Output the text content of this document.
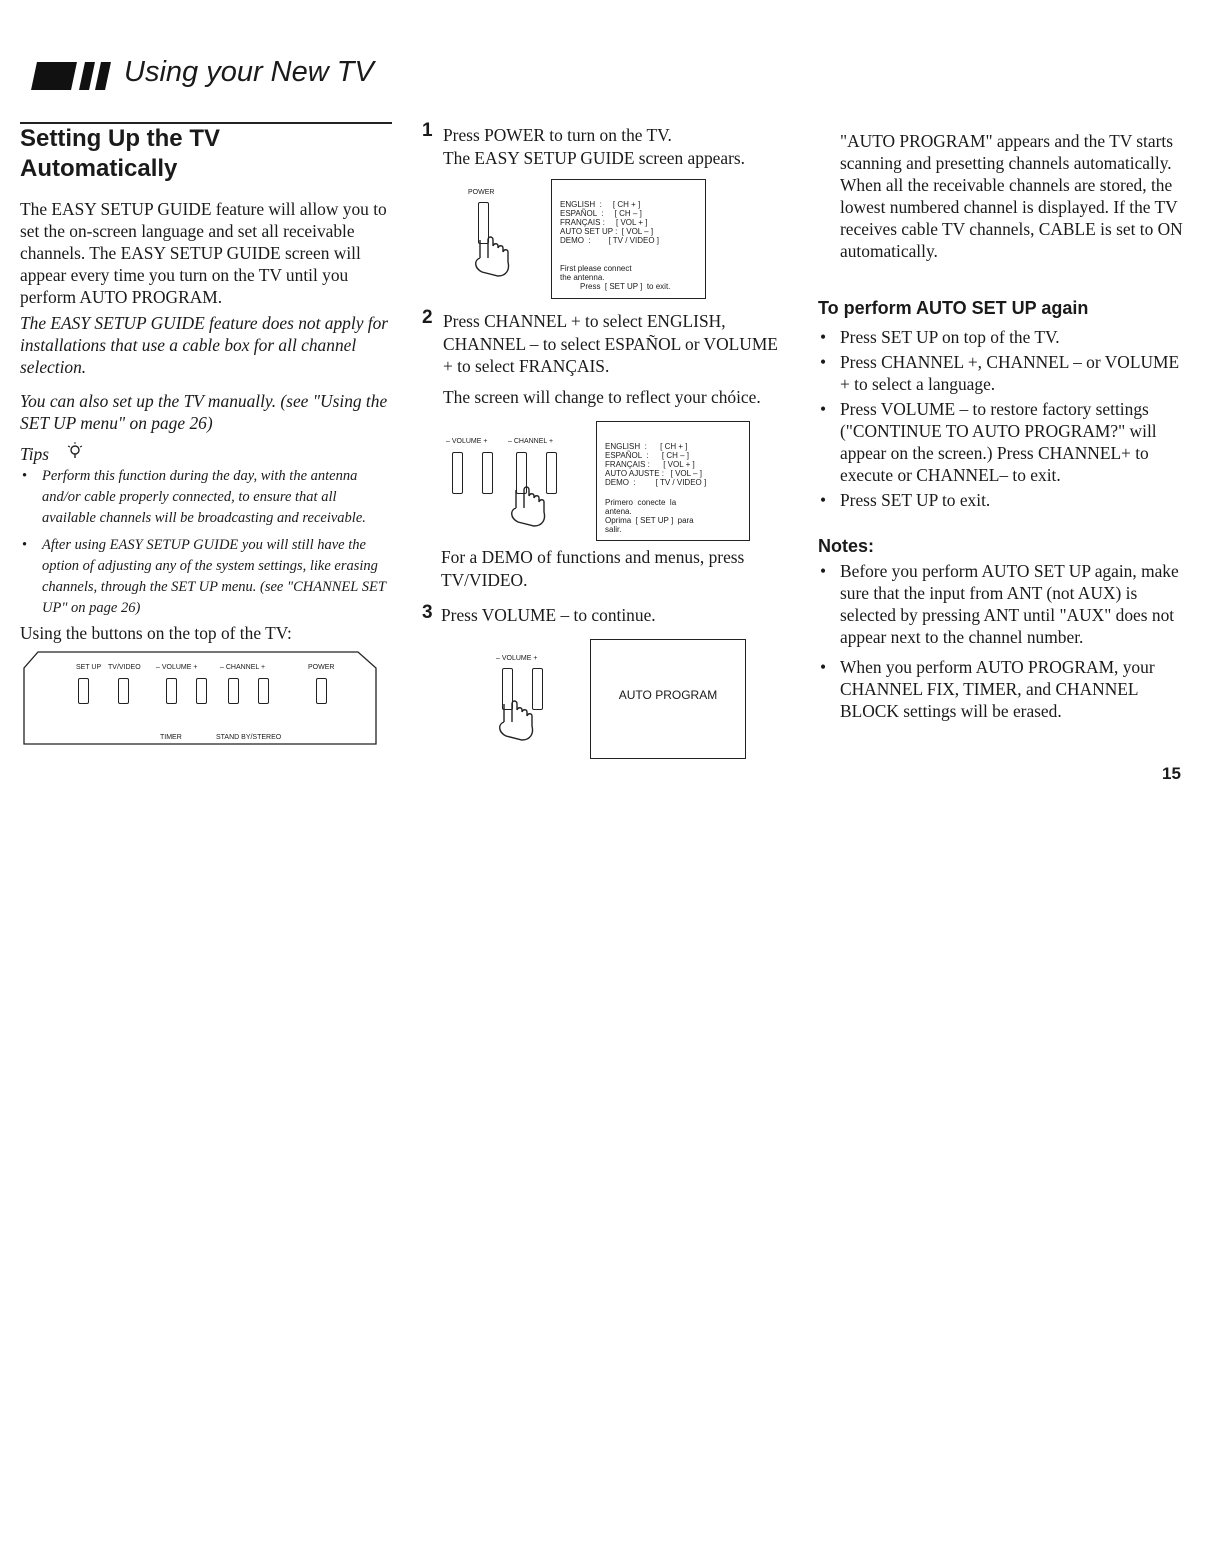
Using your New TV
Setting Up the TV
Automatically

The EASY SETUP GUIDE feature will allow you to set the on-screen language and set all receivable channels. The EASY SETUP GUIDE screen will appear every time you turn on the TV until you perform AUTO PROGRAM.

The EASY SETUP GUIDE feature does not apply for installations that use a cable box for all channel selection.

You can also set up the TV manually. (see "Using the SET UP menu" on page 26)

Tips
• Perform this function during the day, with the antenna and/or cable properly connected, to ensure that all available channels will be broadcasting and receivable.
• After using EASY SETUP GUIDE you will still have the option of adjusting any of the system settings, like erasing channels, through the SET UP menu. (see "CHANNEL SET UP" on page 26)

Using the buttons on the top of the TV:

SET UP TV/VIDEO – VOLUME +	– CHANNEL +	POWER
TIMER	STAND BY/STEREO
1 Press POWER to turn on the TV.
The EASY SETUP GUIDE screen appears.
POWER
ENGLISH  :     [ CH + ]
ESPAÑOL  :     [ CH – ]
FRANÇAIS :     [ VOL + ]
AUTO SET UP :  [ VOL – ]
DEMO  :        [ TV / VIDEO ]
First please connect
the antenna.
Press  [ SET UP ]  to exit.
2 Press CHANNEL + to select ENGLISH, CHANNEL – to select ESPAÑOL or VOLUME + to select FRANÇAIS.

The screen will change to reflect your chóice.

– VOLUME +	– CHANNEL +
ENGLISH  :      [ CH + ]
ESPAÑOL  :      [ CH – ]
FRANÇAIS :      [ VOL + ]
AUTO AJUSTE :   [ VOL – ]
DEMO  :         [ TV / VIDEO ]
Primero  conecte  la
antena.
Oprima  [ SET UP ]  para
salir.

For a DEMO of functions and menus, press TV/VIDEO.

3 Press VOLUME – to continue.

– VOLUME +
AUTO PROGRAM

"AUTO PROGRAM" appears and the TV starts scanning and presetting channels automatically. When all the receivable channels are stored, the lowest numbered channel is displayed. If the TV receives cable TV channels, CABLE is set to ON automatically.

To perform AUTO SET UP again
• Press SET UP on top of the TV.
• Press CHANNEL +, CHANNEL – or VOLUME + to select a language.
• Press VOLUME – to restore factory settings ("CONTINUE TO AUTO PROGRAM?" will appear on the screen.) Press CHANNEL+ to execute or CHANNEL– to exit.
• Press SET UP to exit.
Notes:
• Before you perform AUTO SET UP again, make sure that the input from ANT (not AUX) is selected by pressing ANT until "AUX" does not appear next to the channel number.
• When you perform AUTO PROGRAM, your CHANNEL FIX, TIMER, and CHANNEL BLOCK settings will be erased.
15
